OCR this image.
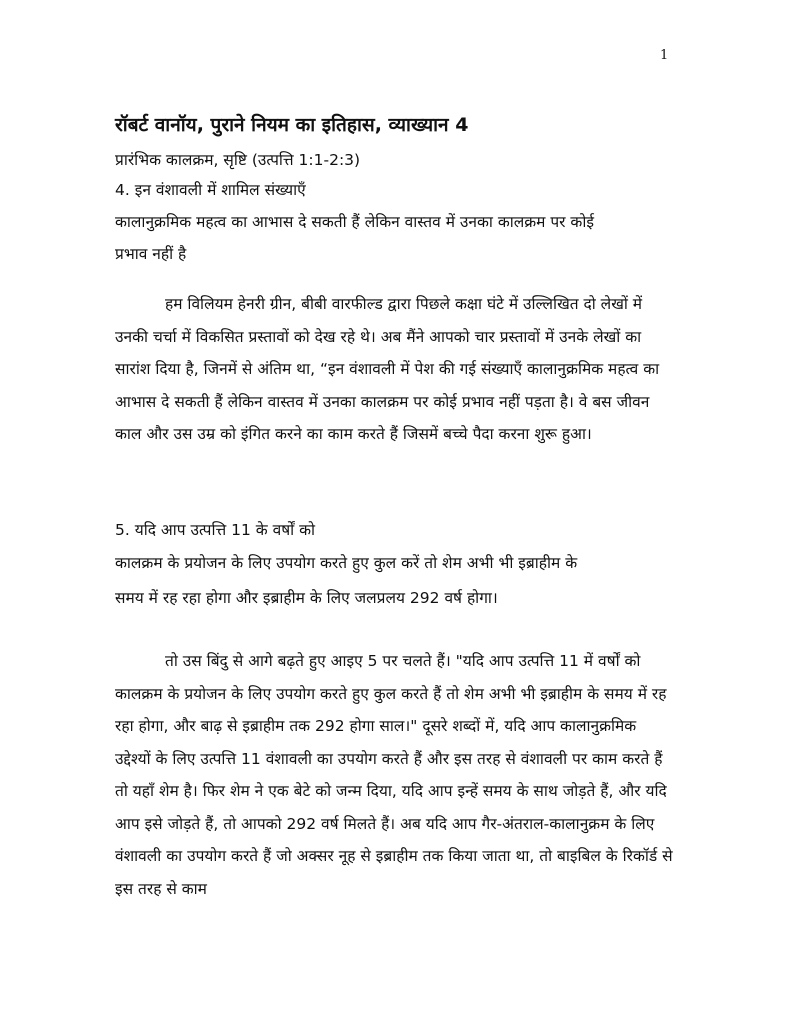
1
रॉबर्ट वानॉय, पुराने नियम का इतिहास, व्याख्यान 4
प्रारंभिक कालक्रम, सृष्टि (उत्पत्ति 1:1-2:3)
4. इन वंशावली में शामिल संख्याएँ
कालानुक्रमिक महत्व का आभास दे सकती हैं लेकिन वास्तव में उनका कालक्रम पर कोई
प्रभाव नहीं है
हम विलियम हेनरी ग्रीन, बीबी वारफील्ड द्वारा पिछले कक्षा घंटे में उल्लिखित दो लेखों में उनकी चर्चा में विकसित प्रस्तावों को देख रहे थे। अब मैंने आपको चार प्रस्तावों में उनके लेखों का सारांश दिया है, जिनमें से अंतिम था, “इन वंशावली में पेश की गई संख्याएँ कालानुक्रमिक महत्व का आभास दे सकती हैं लेकिन वास्तव में उनका कालक्रम पर कोई प्रभाव नहीं पड़ता है। वे बस जीवन काल और उस उम्र को इंगित करने का काम करते हैं जिसमें बच्चे पैदा करना शुरू हुआ।
5. यदि आप उत्पत्ति 11 के वर्षों को
कालक्रम के प्रयोजन के लिए उपयोग करते हुए कुल करें तो शेम अभी भी इब्राहीम के
समय में रह रहा होगा और इब्राहीम के लिए जलप्रलय 292 वर्ष होगा।
तो उस बिंदु से आगे बढ़ते हुए आइए 5 पर चलते हैं। "यदि आप उत्पत्ति 11 में वर्षों को कालक्रम के प्रयोजन के लिए उपयोग करते हुए कुल करते हैं तो शेम अभी भी इब्राहीम के समय में रह रहा होगा, और बाढ़ से इब्राहीम तक 292 होगा साल।" दूसरे शब्दों में, यदि आप कालानुक्रमिक उद्देश्यों के लिए उत्पत्ति 11 वंशावली का उपयोग करते हैं और इस तरह से वंशावली पर काम करते हैं तो यहाँ शेम है। फिर शेम ने एक बेटे को जन्म दिया, यदि आप इन्हें समय के साथ जोड़ते हैं, और यदि आप इसे जोड़ते हैं, तो आपको 292 वर्ष मिलते हैं। अब यदि आप गैर-अंतराल-कालानुक्रम के लिए वंशावली का उपयोग करते हैं जो अक्सर नूह से इब्राहीम तक किया जाता था, तो बाइबिल के रिकॉर्ड से इस तरह से काम
